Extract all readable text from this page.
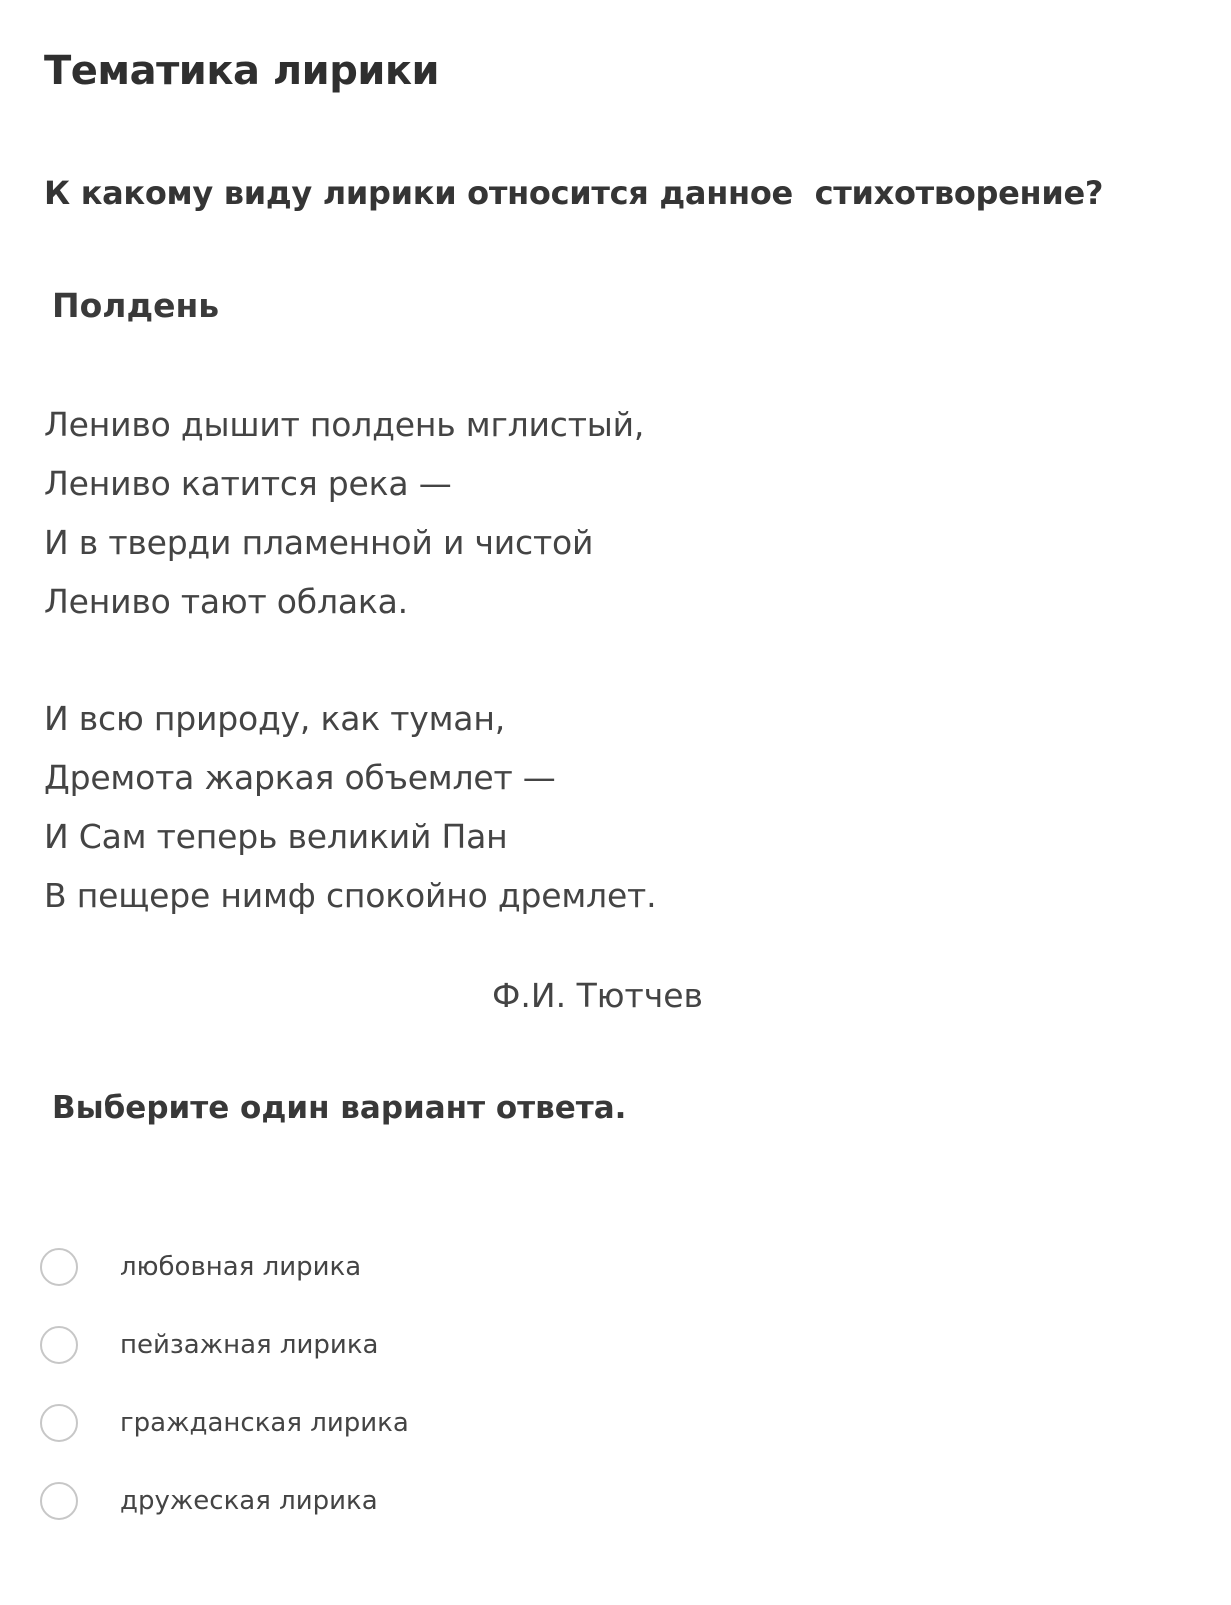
Тематика лирики
К какому виду лирики относится данное  стихотворение?
Полдень
Лениво дышит полдень мглистый,
Лениво катится река —
И в тверди пламенной и чистой
Лениво тают облака.
И всю природу, как туман,
Дремота жаркая объемлет —
И Сам теперь великий Пан
В пещере нимф спокойно дремлет.
Ф.И. Тютчев
Выберите один вариант ответа.
любовная лирика
пейзажная лирика
гражданская лирика
дружеская лирика
